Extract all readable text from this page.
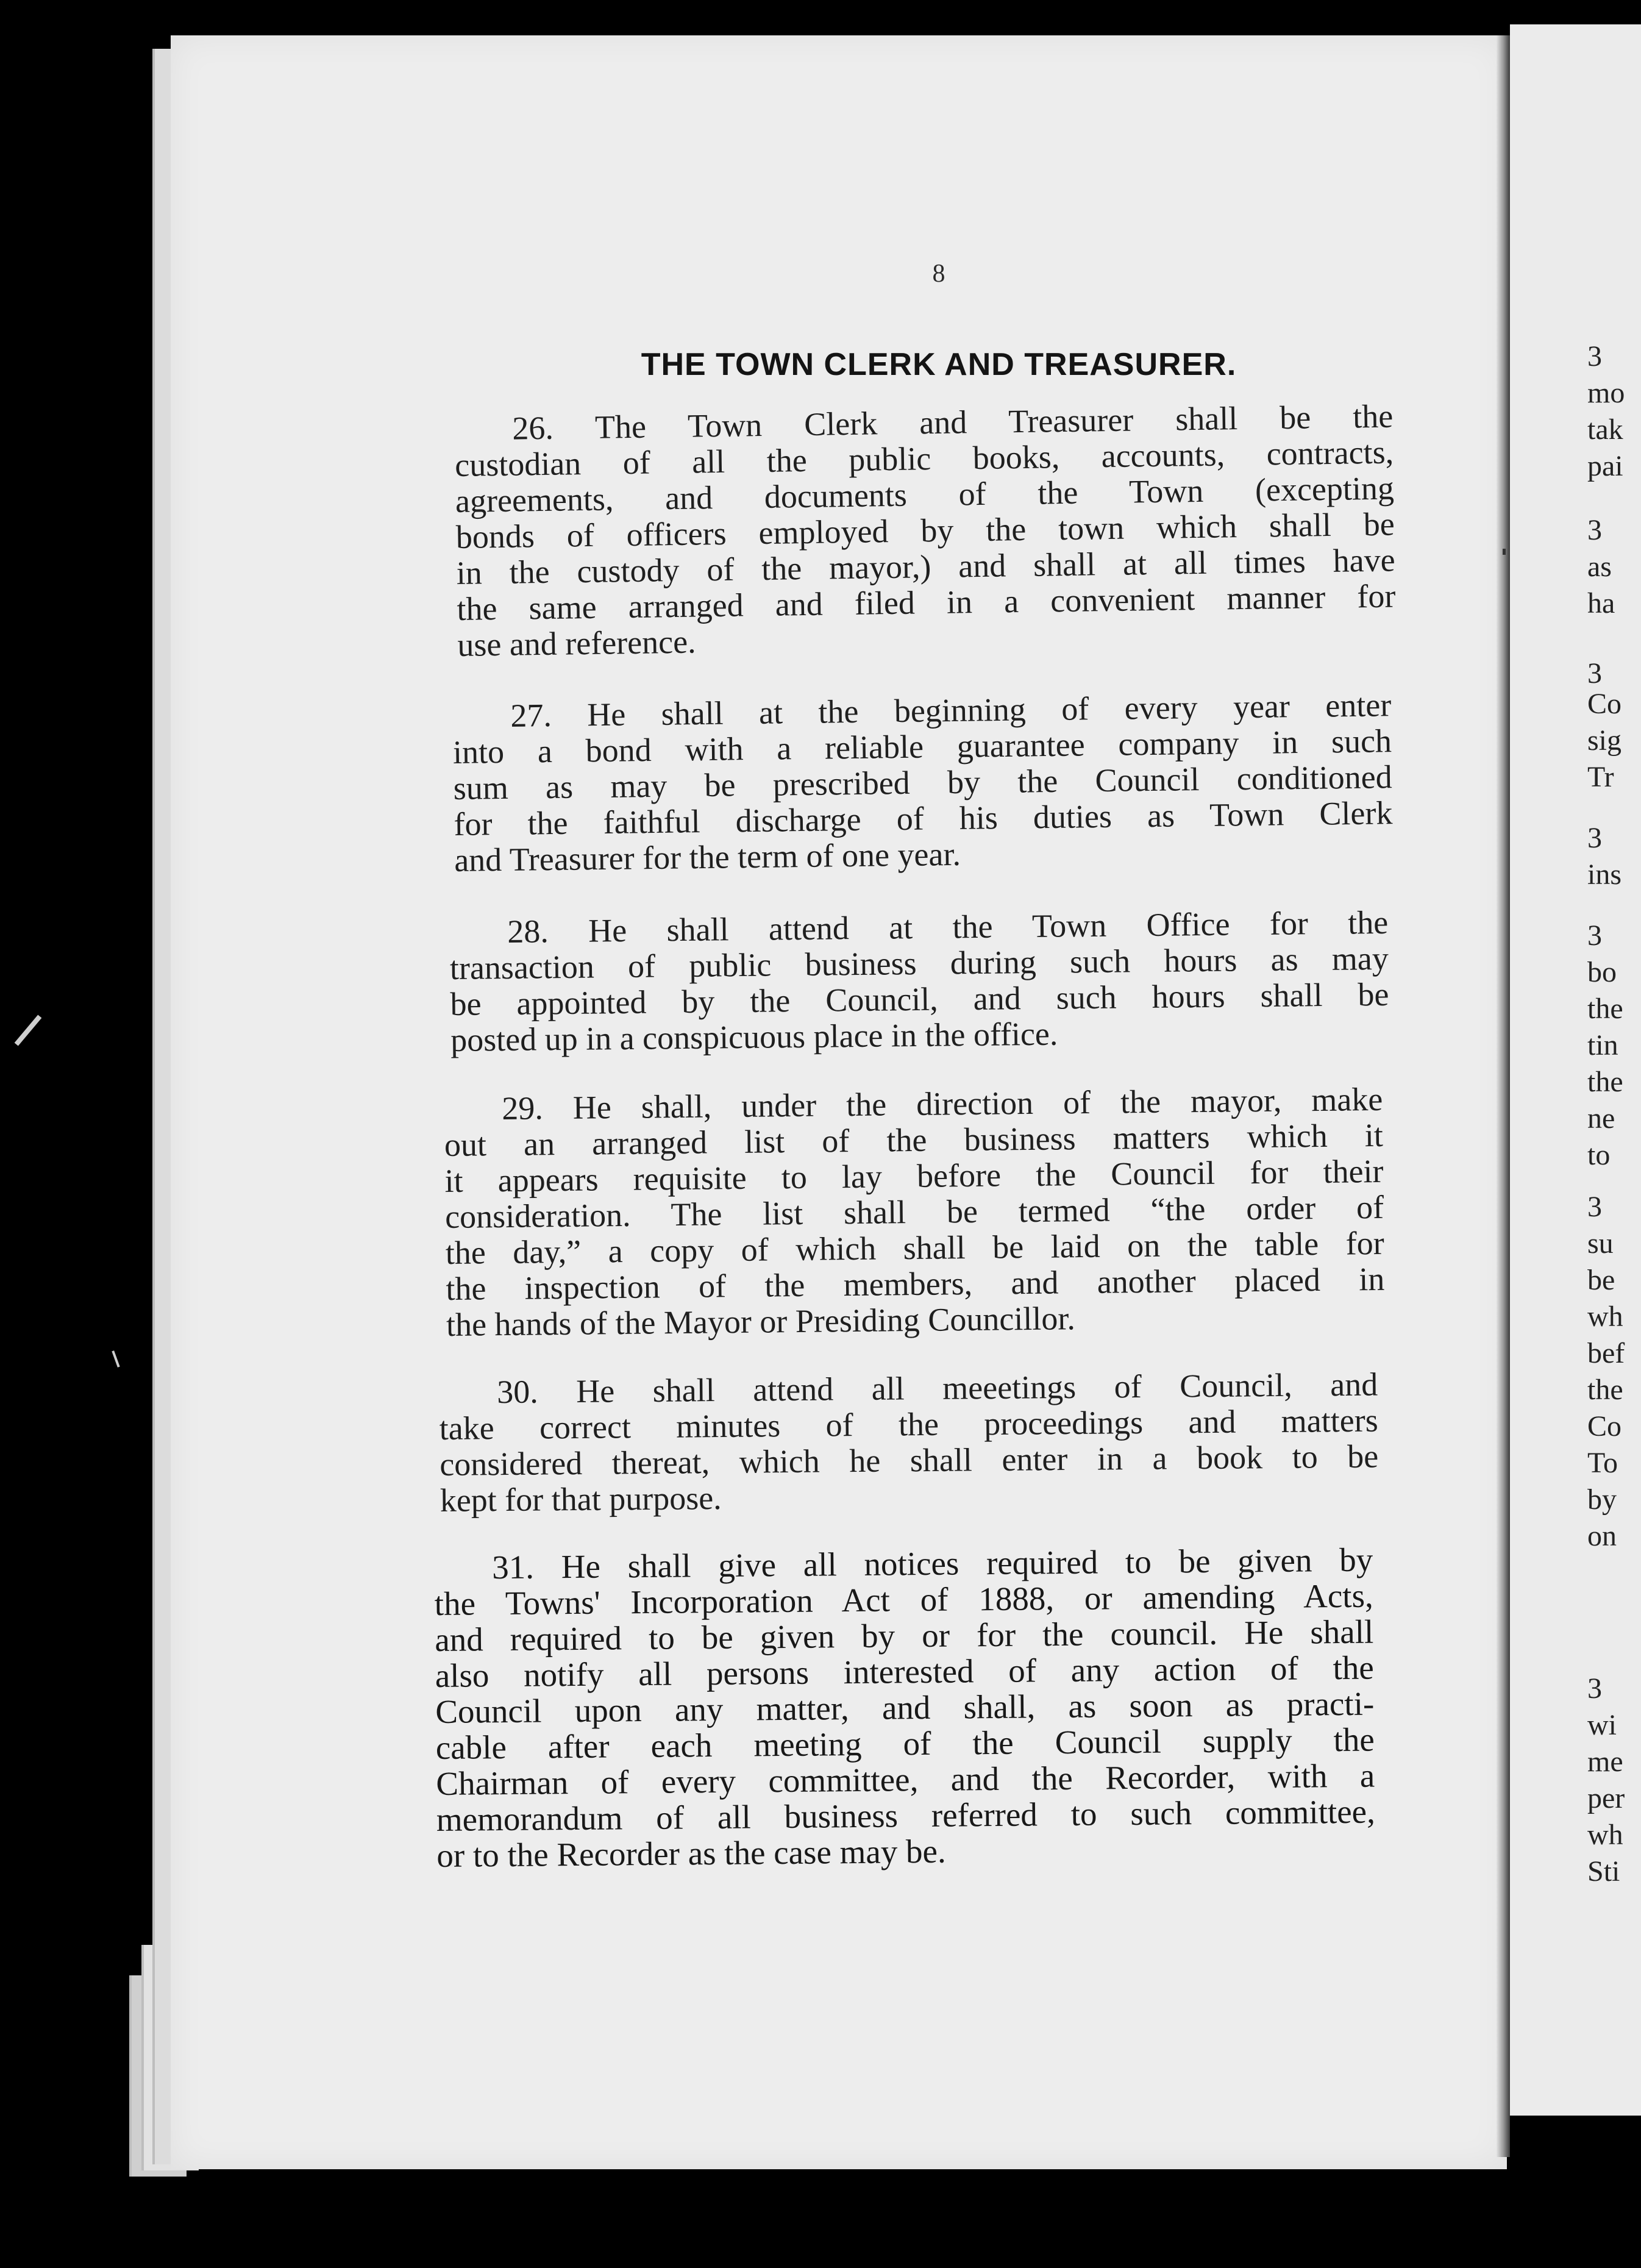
8
THE TOWN CLERK AND TREASURER.
26. The Town Clerk and Treasurer shall be the
custodian of all the public books, accounts, contracts,
agreements, and documents of the Town (excepting
bonds of officers employed by the town which shall be
in the custody of the mayor,) and shall at all times have
the same arranged and filed in a convenient manner for
use and reference.
27. He shall at the beginning of every year enter
into a bond with a reliable guarantee company in such
sum as may be prescribed by the Council conditioned
for the faithful discharge of his duties as Town Clerk
and Treasurer for the term of one year.
28. He shall attend at the Town Office for the
transaction of public business during such hours as may
be appointed by the Council, and such hours shall be
posted up in a conspicuous place in the office.
29. He shall, under the direction of the mayor, make
out an arranged list of the business matters which it
it appears requisite to lay before the Council for their
consideration. The list shall be termed “the order of
the day,” a copy of which shall be laid on the table for
the inspection of the members, and another placed in
the hands of the Mayor or Presiding Councillor.
30. He shall attend all meeetings of Council, and
take correct minutes of the proceedings and matters
considered thereat, which he shall enter in a book to be
kept for that purpose.
31. He shall give all notices required to be given by
the Towns' Incorporation Act of 1888, or amending Acts,
and required to be given by or for the council. He shall
also notify all persons interested of any action of the
Council upon any matter, and shall, as soon as practi-
cable after each meeting of the Council supply the
Chairman of every committee, and the Recorder, with a
memorandum of all business referred to such committee,
or to the Recorder as the case may be.
3
mo
tak
pai
3
as
ha
3
Co
sig
Tr
3
ins
3
bo
the
tin
the
ne
to
3
su
be
wh
bef
the
Co
To
by
on
3
wi
me
per
wh
Sti
